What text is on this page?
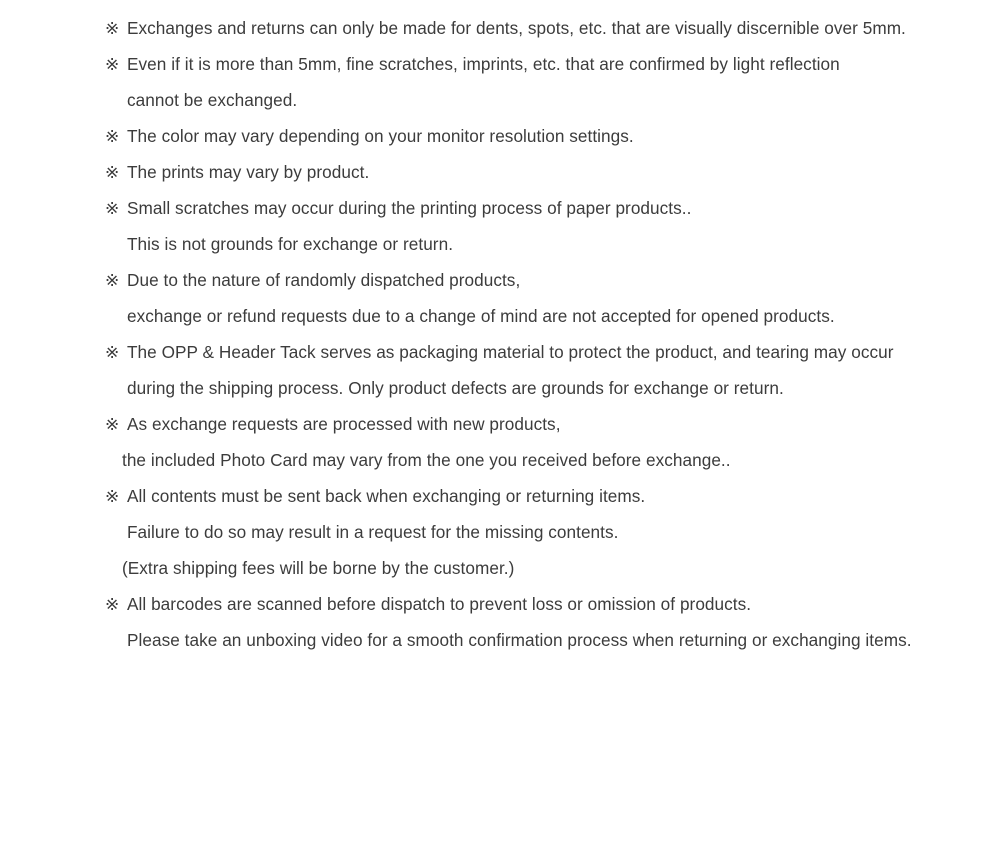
※ Exchanges and returns can only be made for dents, spots, etc. that are visually discernible over 5mm.
※ Even if it is more than 5mm, fine scratches, imprints, etc. that are confirmed by light reflection
cannot be exchanged.
※ The color may vary depending on your monitor resolution settings.
※ The prints may vary by product.
※ Small scratches may occur during the printing process of paper products..
This is not grounds for exchange or return.
※ Due to the nature of randomly dispatched products,
exchange or refund requests due to a change of mind are not accepted for opened products.
※ The OPP & Header Tack serves as packaging material to protect the product, and tearing may occur
during the shipping process. Only product defects are grounds for exchange or return.
※ As exchange requests are processed with new products,
the included Photo Card may vary from the one you received before exchange..
※ All contents must be sent back when exchanging or returning items.
Failure to do so may result in a request for the missing contents.
(Extra shipping fees will be borne by the customer.)
※ All barcodes are scanned before dispatch to prevent loss or omission of products.
Please take an unboxing video for a smooth confirmation process when returning or exchanging items.
